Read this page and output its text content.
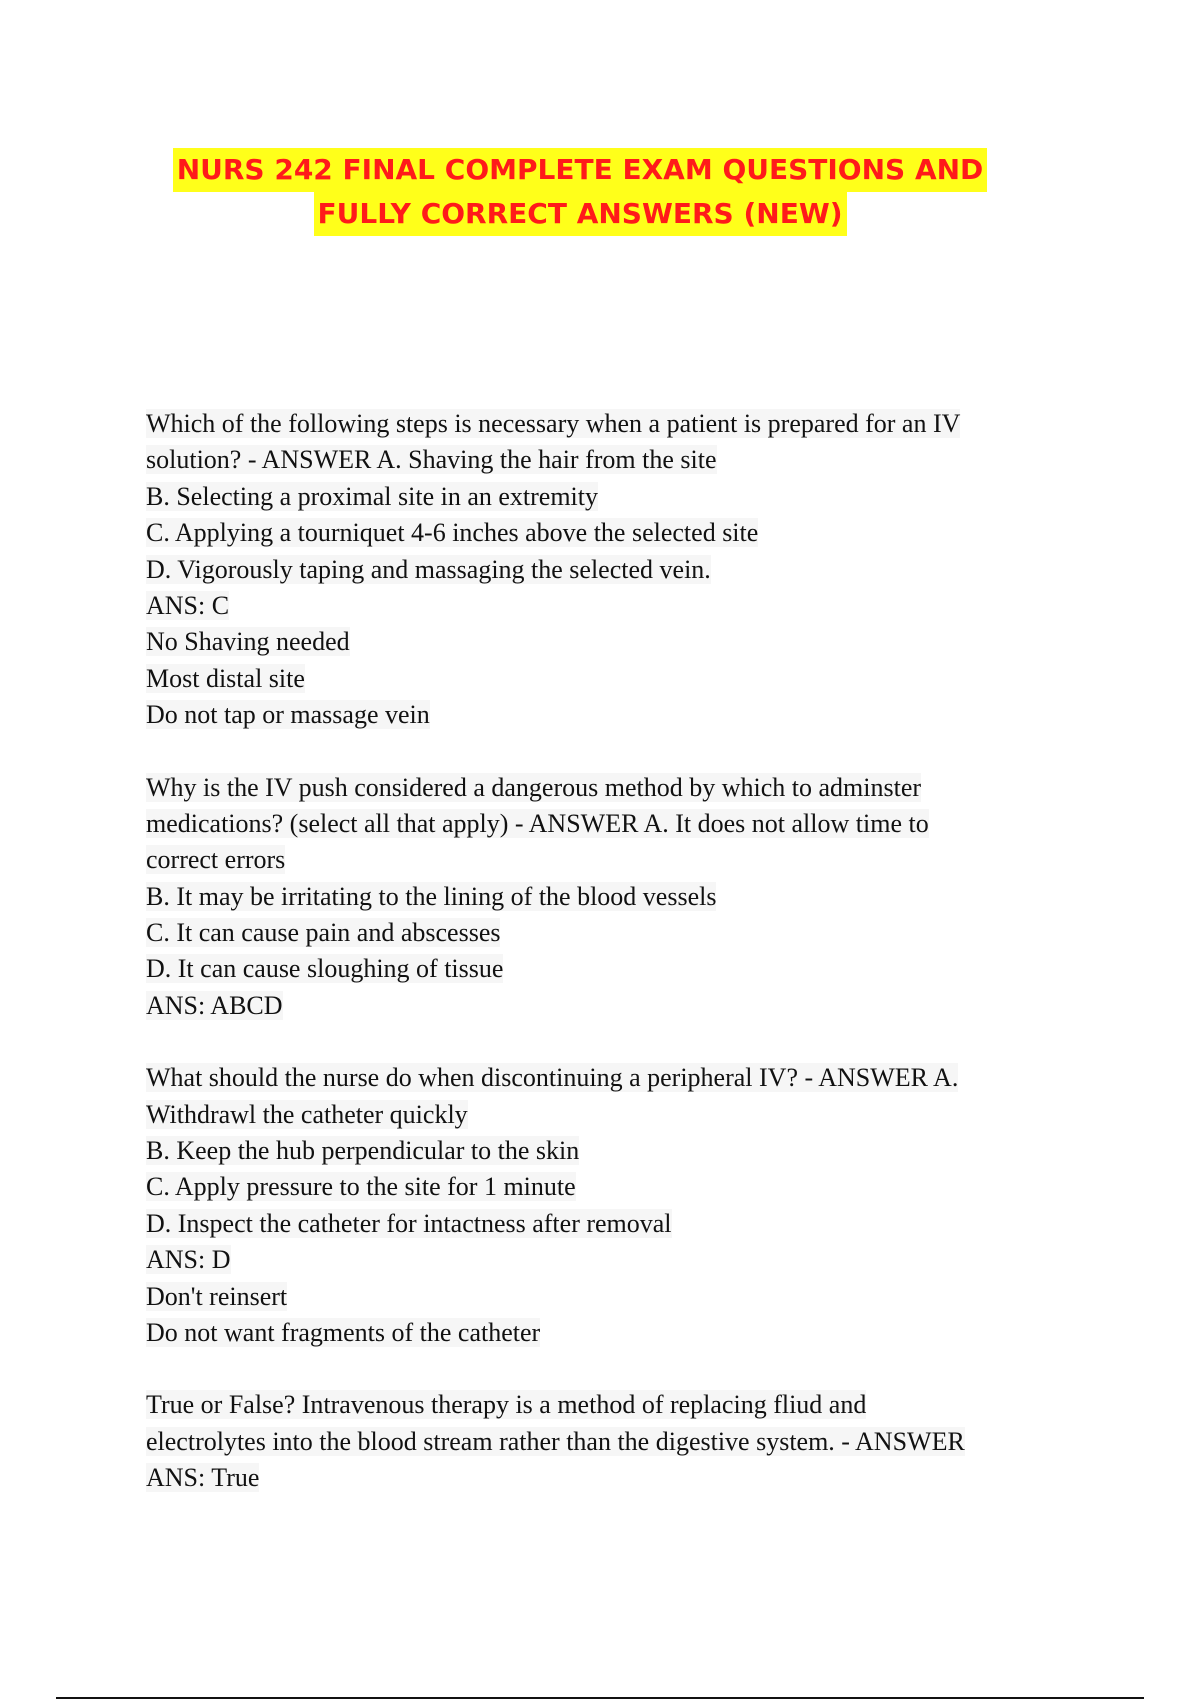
NURS 242 FINAL COMPLETE EXAM QUESTIONS AND
FULLY CORRECT ANSWERS (NEW)
Which of the following steps is necessary when a patient is prepared for an IV
solution? - ANSWER A. Shaving the hair from the site
B. Selecting a proximal site in an extremity
C. Applying a tourniquet 4-6 inches above the selected site
D. Vigorously taping and massaging the selected vein.
ANS: C
No Shaving needed
Most distal site
Do not tap or massage vein
Why is the IV push considered a dangerous method by which to adminster
medications? (select all that apply) - ANSWER A. It does not allow time to
correct errors
B. It may be irritating to the lining of the blood vessels
C. It can cause pain and abscesses
D. It can cause sloughing of tissue
ANS: ABCD
What should the nurse do when discontinuing a peripheral IV? - ANSWER A.
Withdrawl the catheter quickly
B. Keep the hub perpendicular to the skin
C. Apply pressure to the site for 1 minute
D. Inspect the catheter for intactness after removal
ANS: D
Don't reinsert
Do not want fragments of the catheter
True or False? Intravenous therapy is a method of replacing fliud and
electrolytes into the blood stream rather than the digestive system. - ANSWER
ANS: True
